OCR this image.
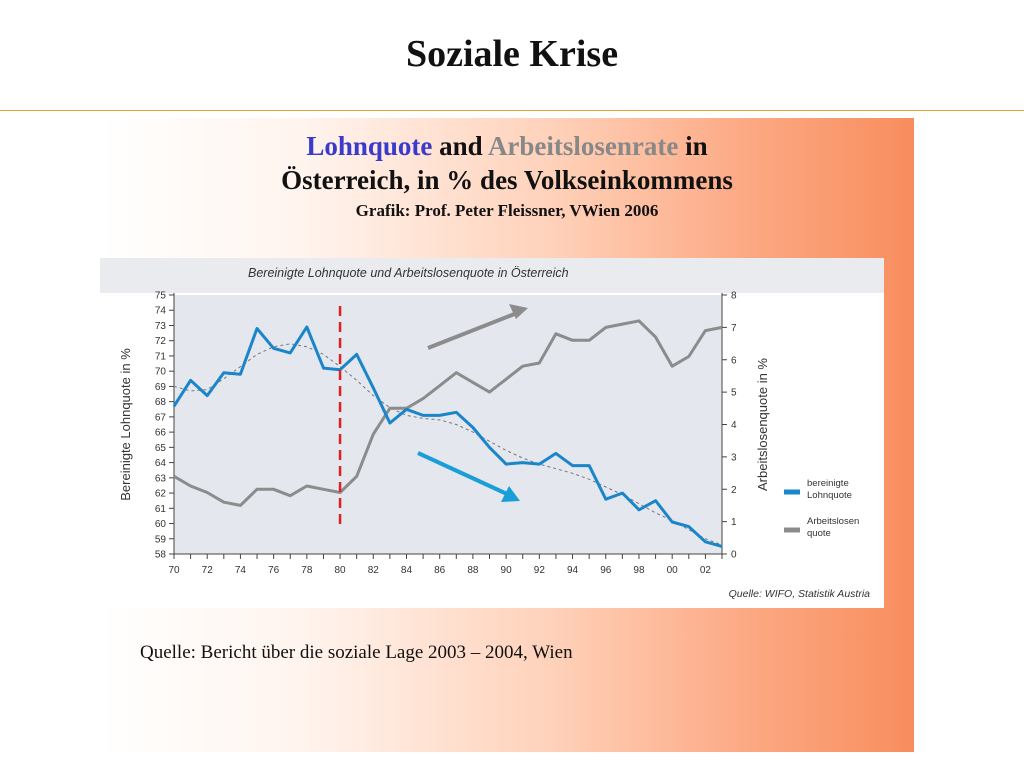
Soziale Krise
Lohnquote and Arbeitslosenrate in
Österreich, in % des Volkseinkommens
Grafik: Prof. Peter Fleissner, VWien 2006
Bereinigte Lohnquote und Arbeitslosenquote in Österreich
58
59
60
61
62
63
64
65
66
67
68
69
70
71
72
73
74
75
0
1
2
3
4
5
6
7
8
70 72 74 76 78 80 82 84 86 88 90 92 94 96 98 00 02
Bereinigte Lohnquote in %	Arbeitslosenquote in %	bereinigte
Lohnquote
Arbeitslosen
quote
Quelle: WIFO, Statistik Austria
Quelle: Bericht über die soziale Lage 2003 – 2004, Wien
